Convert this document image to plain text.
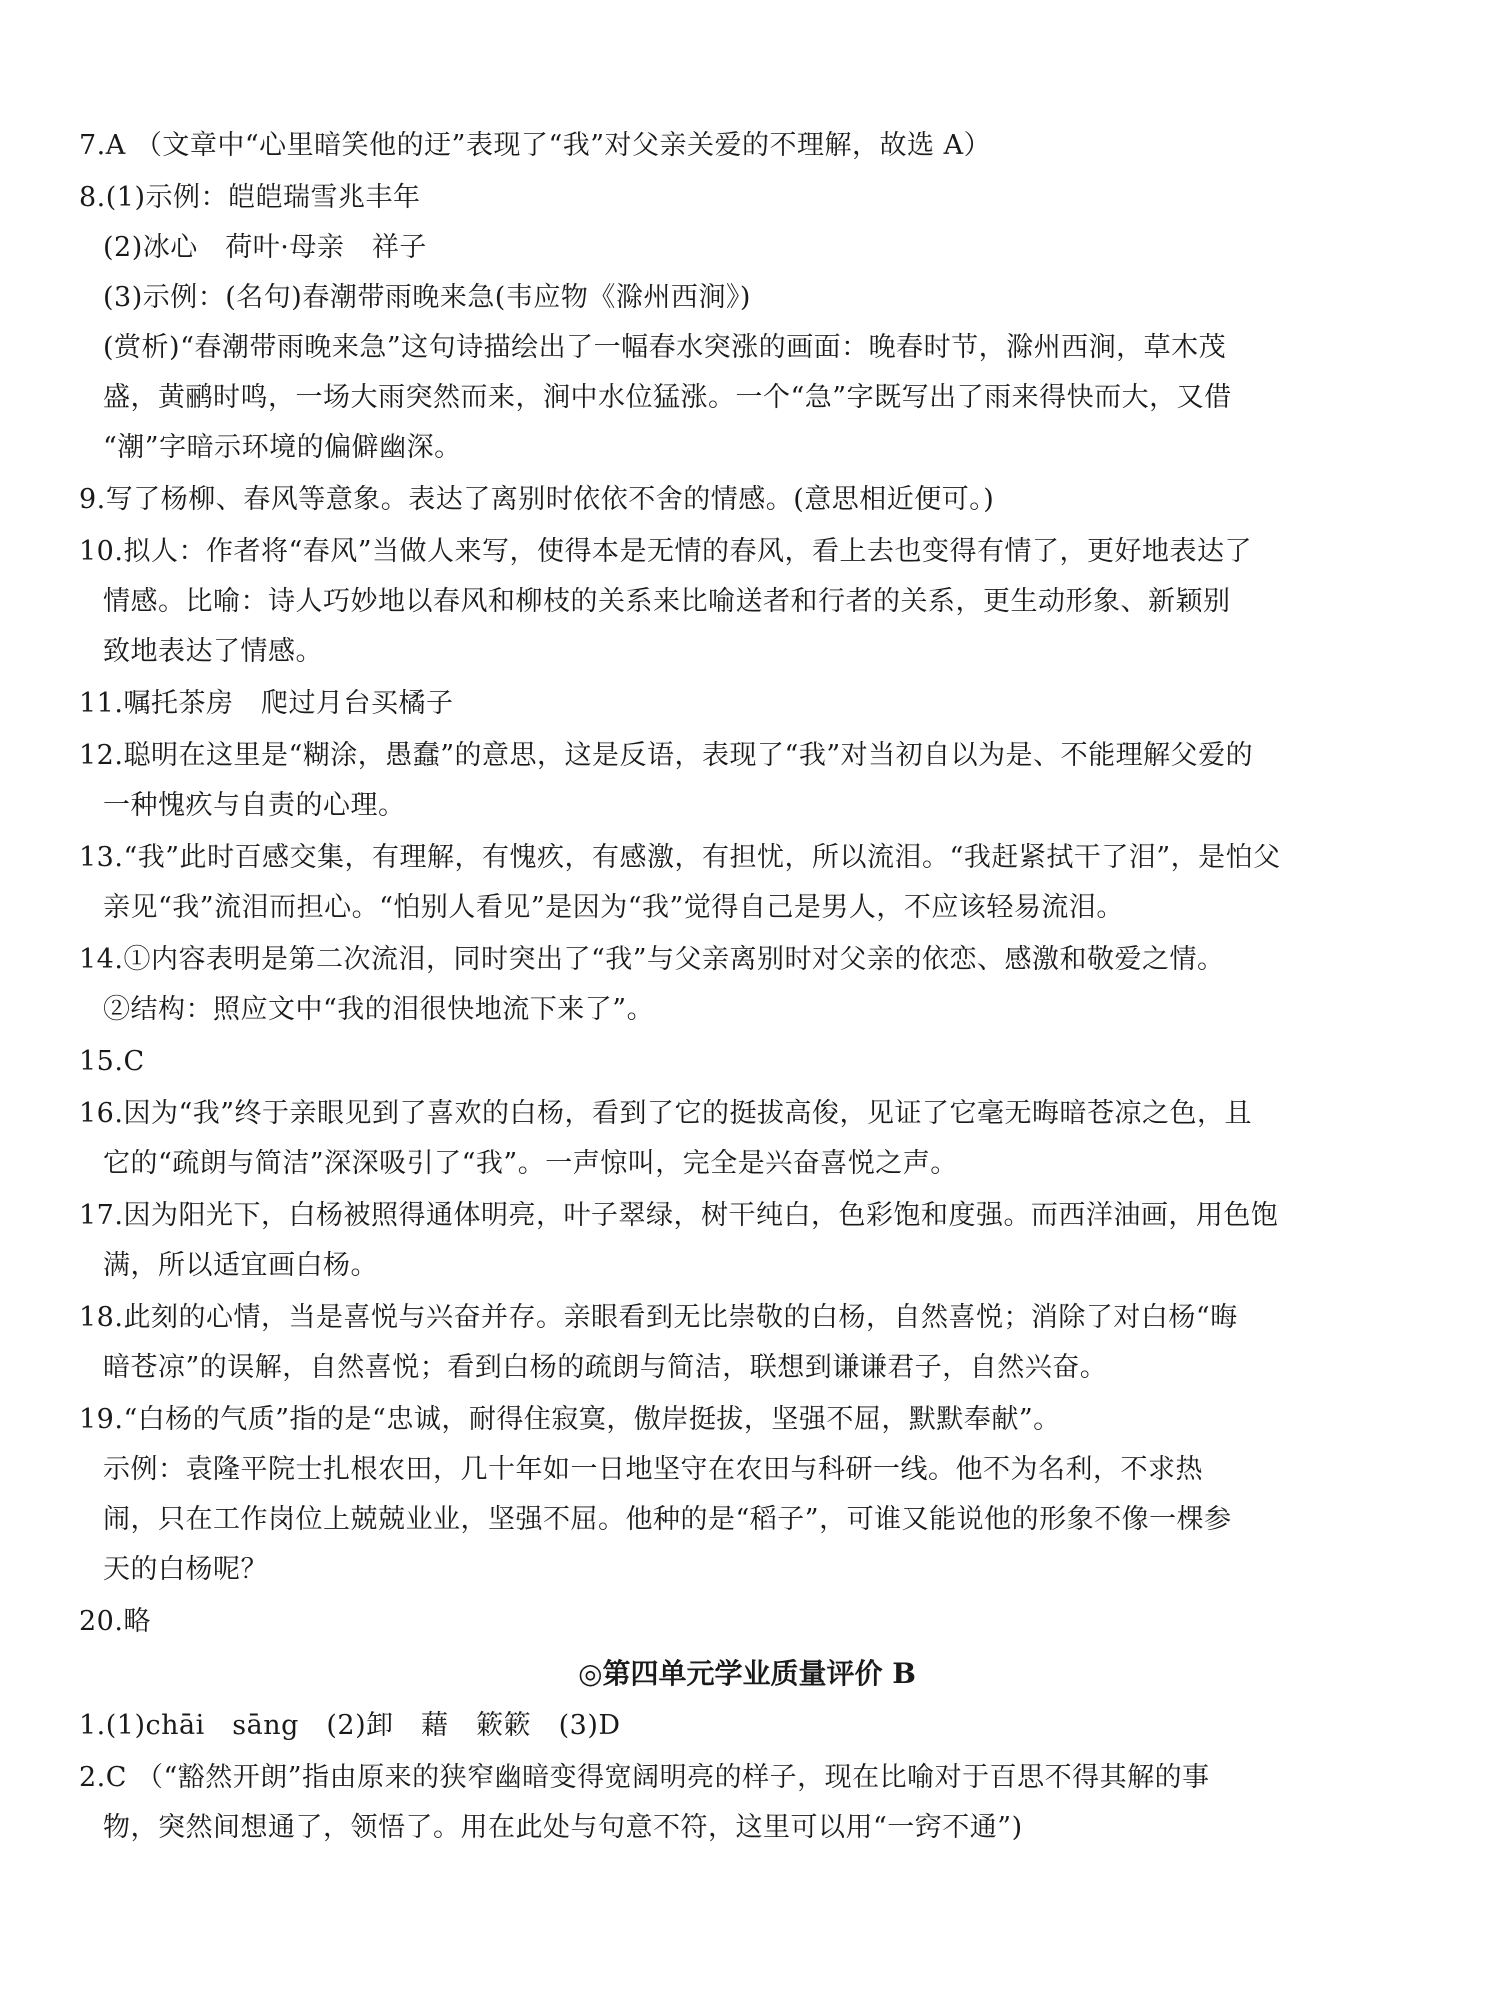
7.A （文章中“心里暗笑他的迂”表现了“我”对父亲关爱的不理解，故选 A）
8.(1)示例：皑皑瑞雪兆丰年
(2)冰心　荷叶·母亲　祥子
(3)示例：(名句)春潮带雨晚来急(韦应物《滁州西涧》)
(赏析)“春潮带雨晚来急”这句诗描绘出了一幅春水突涨的画面：晚春时节，滁州西涧，草木茂
盛，黄鹂时鸣，一场大雨突然而来，涧中水位猛涨。一个“急”字既写出了雨来得快而大，又借
“潮”字暗示环境的偏僻幽深。
9.写了杨柳、春风等意象。表达了离别时依依不舍的情感。(意思相近便可。)
10.拟人：作者将“春风”当做人来写，使得本是无情的春风，看上去也变得有情了，更好地表达了
情感。比喻：诗人巧妙地以春风和柳枝的关系来比喻送者和行者的关系，更生动形象、新颖别
致地表达了情感。
11.嘱托茶房　爬过月台买橘子
12.聪明在这里是“糊涂，愚蠢”的意思，这是反语，表现了“我”对当初自以为是、不能理解父爱的
一种愧疚与自责的心理。
13.“我”此时百感交集，有理解，有愧疚，有感激，有担忧，所以流泪。“我赶紧拭干了泪”，是怕父
亲见“我”流泪而担心。“怕别人看见”是因为“我”觉得自己是男人，不应该轻易流泪。
14.①内容表明是第二次流泪，同时突出了“我”与父亲离别时对父亲的依恋、感激和敬爱之情。
②结构：照应文中“我的泪很快地流下来了”。
15.C
16.因为“我”终于亲眼见到了喜欢的白杨，看到了它的挺拔高俊，见证了它毫无晦暗苍凉之色，且
它的“疏朗与简洁”深深吸引了“我”。一声惊叫，完全是兴奋喜悦之声。
17.因为阳光下，白杨被照得通体明亮，叶子翠绿，树干纯白，色彩饱和度强。而西洋油画，用色饱
满，所以适宜画白杨。
18.此刻的心情，当是喜悦与兴奋并存。亲眼看到无比崇敬的白杨，自然喜悦；消除了对白杨“晦
暗苍凉”的误解，自然喜悦；看到白杨的疏朗与简洁，联想到谦谦君子，自然兴奋。
19.“白杨的气质”指的是“忠诚，耐得住寂寞，傲岸挺拔，坚强不屈，默默奉献”。
示例：袁隆平院士扎根农田，几十年如一日地坚守在农田与科研一线。他不为名利，不求热
闹，只在工作岗位上兢兢业业，坚强不屈。他种的是“稻子”，可谁又能说他的形象不像一棵参
天的白杨呢？
20.略
◎第四单元学业质量评价 B
1.(1)chāi　sāng　(2)卸　藉　簌簌　(3)D
2.C （“豁然开朗”指由原来的狭窄幽暗变得宽阔明亮的样子，现在比喻对于百思不得其解的事
物，突然间想通了，领悟了。用在此处与句意不符，这里可以用“一窍不通”)
